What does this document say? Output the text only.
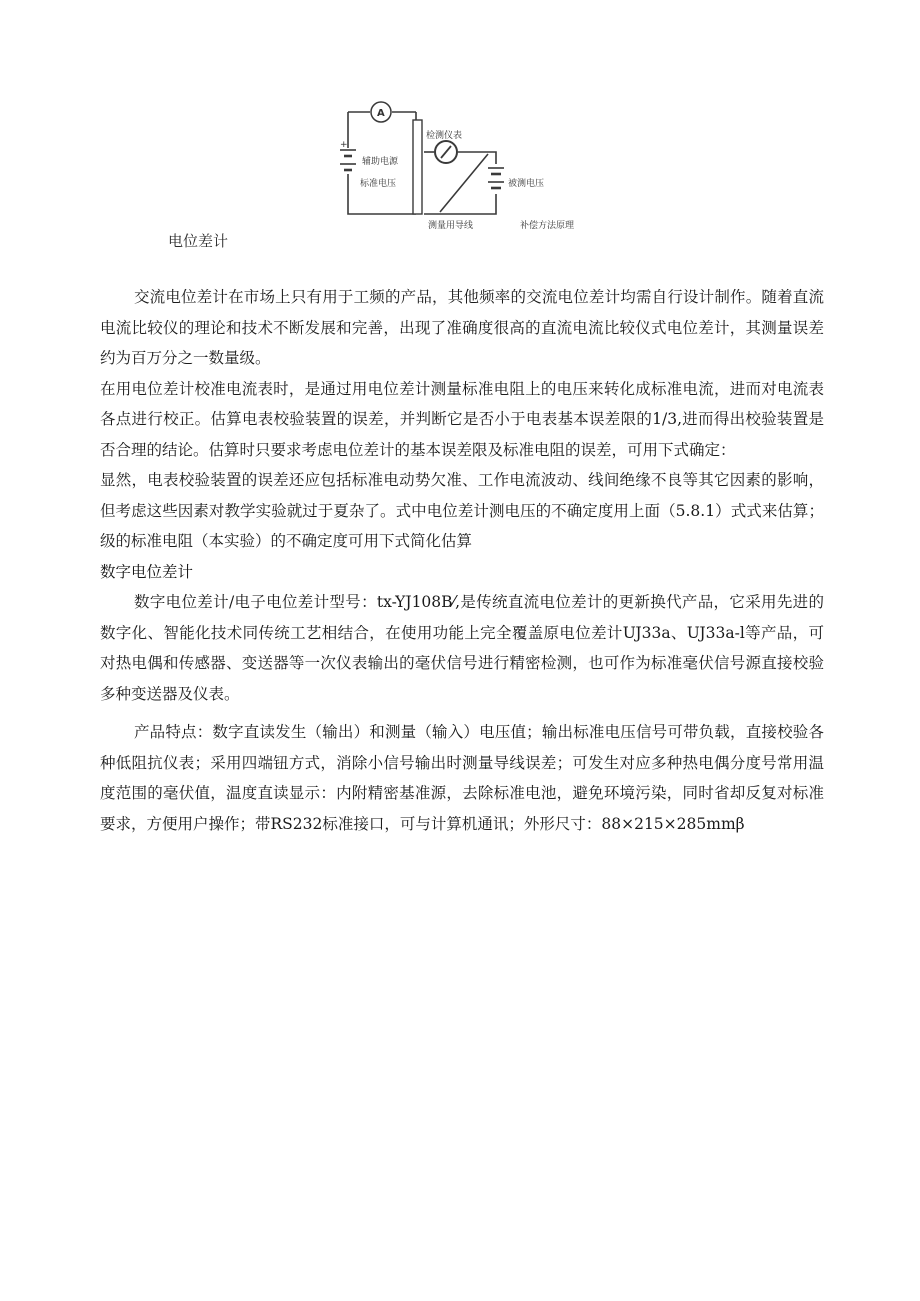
A
+
检测仪表
辅助电源
标准电压	被测电压
测量用导线	补偿方法原理
电位差计

交流电位差计在市场上只有用于工频的产品，其他频率的交流电位差计均需自行设计制作。随着直流电流比较仪的理论和技术不断发展和完善，出现了准确度很高的直流电流比较仪式电位差计，其测量误差约为百万分之一数量级。

在用电位差计校准电流表时，是通过用电位差计测量标准电阻上的电压来转化成标准电流，进而对电流表各点进行校正。估算电表校验装置的误差，并判断它是否小于电表基本误差限的1/3,进而得出校验装置是否合理的结论。估算时只要求考虑电位差计的基本误差限及标准电阻的误差，可用下式确定：

显然，电表校验装置的误差还应包括标准电动势欠准、工作电流波动、线间绝缘不良等其它因素的影响，但考虑这些因素对教学实验就过于夏杂了。式中电位差计测电压的不确定度用上面（5.8.1）式式来估算；级的标准电阻（本实验）的不确定度可用下式简化估算

数字电位差计

数字电位差计/电子电位差计型号：tx-YJ108B⁄,是传统直流电位差计的更新换代产品，它采用先进的数字化、智能化技术同传统工艺相结合，在使用功能上完全覆盖原电位差计UJ33a、UJ33a-l等产品，可对热电偶和传感器、变送器等一次仪表输出的毫伏信号进行精密检测，也可作为标准毫伏信号源直接校验多种变送器及仪表。

产品特点：数字直读发生（输出）和测量（输入）电压值；输出标准电压信号可带负载，直接校验各种低阻抗仪表；采用四端钮方式，消除小信号输出时测量导线误差；可发生对应多种热电偶分度号常用温度范围的毫伏值，温度直读显示：内附精密基准源，去除标准电池，避免环境污染，同时省却反复对标准要求，方便用户操作；带RS232标准接口，可与计算机通讯；外形尺寸：88×215×285mmβ
